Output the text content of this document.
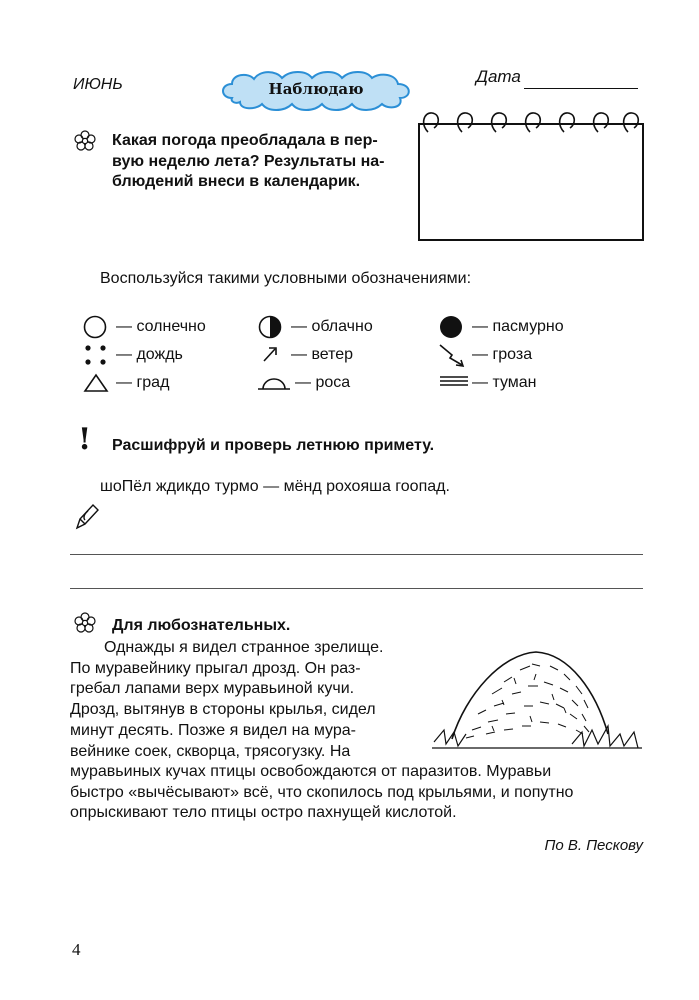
ИЮНЬ	Наблюдаю
Дата
Какая погода преобладала в пер-
вую неделю лета? Результаты на-
блюдений внеси в календарик.
Воспользуйся такими условными обозначениями:
— солнечно	— облачно	— пасмурно
— дождь	— ветер	— гроза
— град	— роса	— туман
! Расшифруй и проверь летнюю примету.
шоПёл ждикдо турмо — мёнд рохояша гоопад.
Для любознательных.
Однажды я видел странное зрелище.
По муравейнику прыгал дрозд. Он раз-
гребал лапами верх муравьиной кучи.
Дрозд, вытянув в стороны крылья, сидел
минут десять. Позже я видел на мура-
вейнике соек, скворца, трясогузку. На
муравьиных кучах птицы освобождаются от паразитов. Муравьи
быстро «вычёсывают» всё, что скопилось под крыльями, и попутно
опрыскивают тело птицы остро пахнущей кислотой.
По В. Пескову
4
